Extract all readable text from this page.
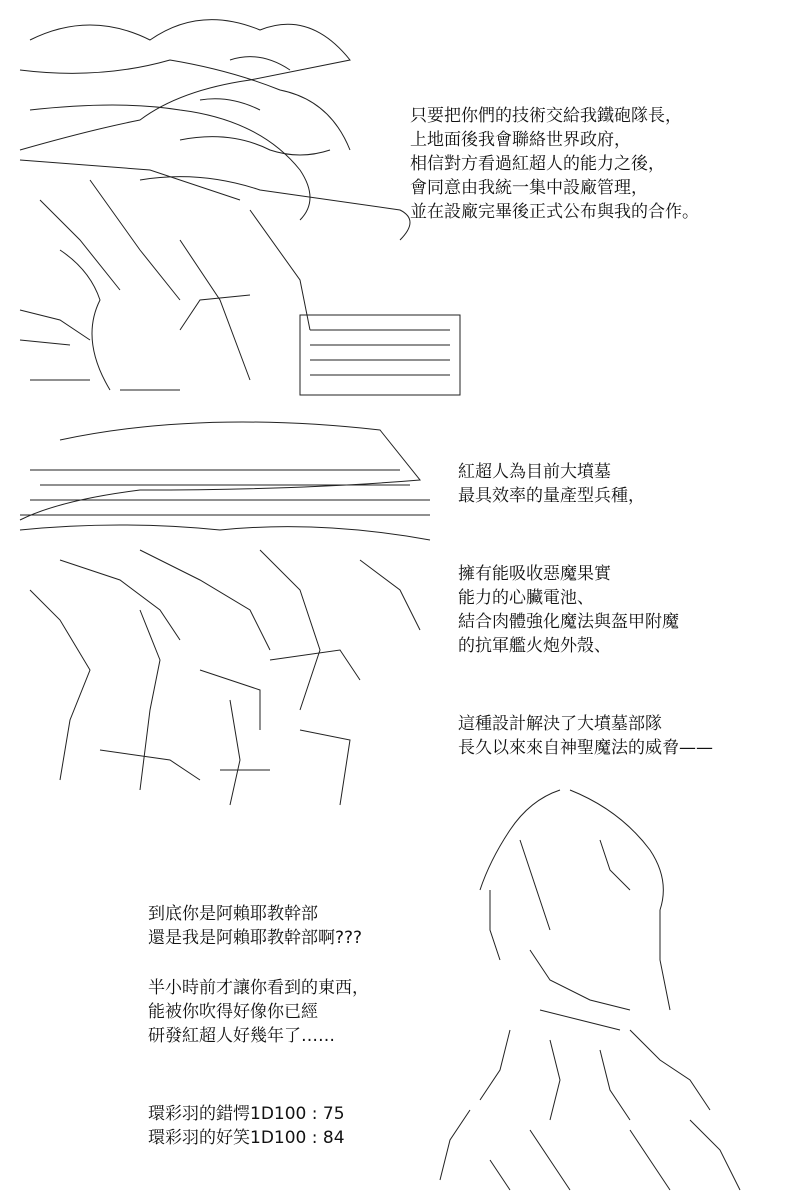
只要把你們的技術交給我鐵砲隊長，
上地面後我會聯絡世界政府，
相信對方看過紅超人的能力之後，
會同意由我統一集中設廠管理，
並在設廠完畢後正式公布與我的合作。
紅超人為目前大墳墓
最具效率的量產型兵種，
擁有能吸收惡魔果實
能力的心臟電池、
結合肉體強化魔法與盔甲附魔
的抗軍艦火炮外殼、
這種設計解決了大墳墓部隊
長久以來來自神聖魔法的威脅——
到底你是阿賴耶教幹部
還是我是阿賴耶教幹部啊???
半小時前才讓你看到的東西，
能被你吹得好像你已經
研發紅超人好幾年了……
環彩羽的錯愕1D100 : 75
環彩羽的好笑1D100 : 84
